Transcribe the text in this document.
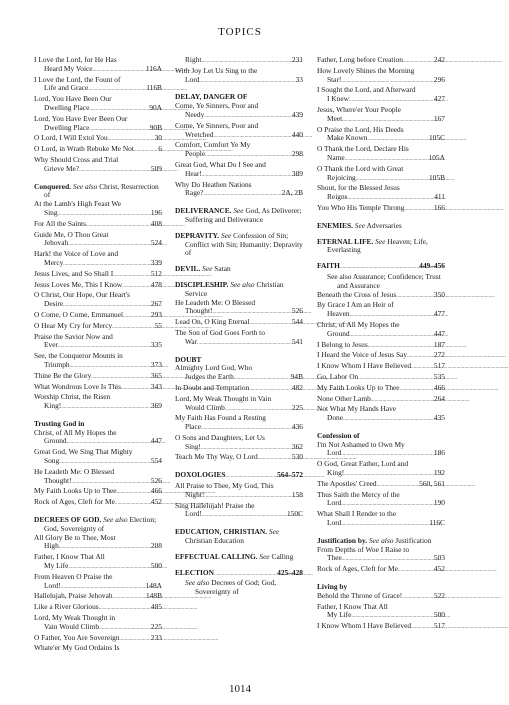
TOPICS
I Love the Lord, for He Has
Heard My Voice . . .	116A
I Love the Lord, the Fount of
Life and Grace . . .	116B
Lord, You Have Been Our
Dwelling Place . . .	90A
Lord, You Have Ever Been Our
Dwelling Place . . .	90B
O Lord, I Will Extol You . . .	30
O Lord, in Wrath Rebuke Me Not . . .	6
Why Should Cross and Trial
Grieve Me? . . .	509
Conquered. See also Christ, Resurrection of
At the Lamb's High Feast We
Sing . . .	196
For All the Saints . . .	408
Guide Me, O Thou Great
Jehovah . . .	524
Hark! the Voice of Love and
Mercy . . .	339
Jesus Lives, and So Shall I . . .	512
Jesus Loves Me, This I Know . . .	478
O Christ, Our Hope, Our Heart's
Desire . . .	267
O Come, O Come, Emmanuel . . .	293
O Hear My Cry for Mercy . . .	55
Praise the Savior Now and
Ever . . .	335
See, the Conqueror Mounts in
Triumph . . .	373
Thine Be the Glory . . .	365
What Wondrous Love Is This . . .	343
Worship Christ, the Risen
King! . . .	369
Trusting God in
Christ, of All My Hopes the
Ground . . .	447
Great God, We Sing That Mighty
Song . . .	554
He Leadeth Me: O Blessed
Thought! . . .	526
My Faith Looks Up to Thee . . .	466
Rock of Ages, Cleft for Me . . .	452
DECREES OF GOD. See also Election; God, Sovereignty of
All Glory Be to Thee, Most
High . . .	208
Father, I Know That All
My Life . . .	500
From Heaven O Praise the
Lord! . . .	148A
Hallelujah, Praise Jehovah . . .	148B
Like a River Glorious . . .	485
Lord, My Weak Thought in
Vain Would Climb . . .	225
O Father, You Are Sovereign . . .	233
Whate'er My God Ordains Is
Right . . .	231
With Joy Let Us Sing to the
Lord . . .	33
DELAY, DANGER OF
Come, Ye Sinners, Poor and
Needy . . .	439
Come, Ye Sinners, Poor and
Wretched . . .	440
Comfort, Comfort Ye My
People . . .	298
Great God, What Do I See and
Hear! . . .	389
Why Do Heathen Nations
Rage? . . .	2A, 2B
DELIVERANCE. See God, As Deliverer; Suffering and Deliverance
DEPRAVITY. See Confession of Sin; Conflict with Sin; Humanity: Depravity of
DEVIL. See Satan
DISCIPLESHIP. See also Christian Service
He Leadeth Me: O Blessed
Thought! . . .	526
Lead On, O King Eternal . . .	544
The Son of God Goes Forth to
War . . .	541
DOUBT
Almighty Lord God, Who
Judges the Earth . . .	94B
In Doubt and Temptation . . .	482
Lord, My Weak Thought in Vain
Would Climb . . .	225
My Faith Has Found a Resting
Place . . .	436
O Sons and Daughters, Let Us
Sing! . . .	362
Teach Me Thy Way, O Lord . . .	530
DOXOLOGIES . . .	564–572
All Praise to Thee, My God, This
Night! . . .	158
Sing Hallelujah! Praise the
Lord! . . .	150C
EDUCATION, CHRISTIAN. See Christian Education
EFFECTUAL CALLING. See Calling
ELECTION . . .	425–428
See also Decrees of God; God, Sovereignty of
Father, Long before Creation . . .	242
How Lovely Shines the Morning
Star! . . .	296
I Sought the Lord, and Afterward
I Knew . . .	427
Jesus, Where'er Your People
Meet . . .	167
O Praise the Lord, His Deeds
Make Known . . .	105C
O Thank the Lord, Declare His
Name . . .	105A
O Thank the Lord with Great
Rejoicing . . .	105B
Shout, for the Blessed Jesus
Reigns . . .	411
You Who His Temple Throng . . .	166
ENEMIES. See Adversaries
ETERNAL LIFE. See Heaven; Life, Everlasting
FAITH . . .	449–456
See also Assurance; Confidence; Trust and Assurance
Beneath the Cross of Jesus . . .	350
By Grace I Am an Heir of
Heaven . . .	477
Christ, of All My Hopes the
Ground . . .	447
I Belong to Jesus . . .	187
I Heard the Voice of Jesus Say . . .	272
I Know Whom I Have Believed . . .	517
Go, Labor On . . .	535
My Faith Looks Up to Thee . . .	466
None Other Lamb . . .	264
Not What My Hands Have
Done . . .	435
Confession of
I'm Not Ashamed to Own My
Lord . . .	186
O God, Great Father, Lord and
King! . . .	192
The Apostles' Creed . . .	560, 561
Thus Saith the Mercy of the
Lord . . .	190
What Shall I Render to the
Lord . . .	116C
Justification by. See also Justification
From Depths of Woe I Raise to
Thee . . .	503
Rock of Ages, Cleft for Me . . .	452
Living by
Behold the Throne of Grace! . . .	522
Father, I Know That All
My Life . . .	500
I Know Whom I Have Believed . . .	517
1014
